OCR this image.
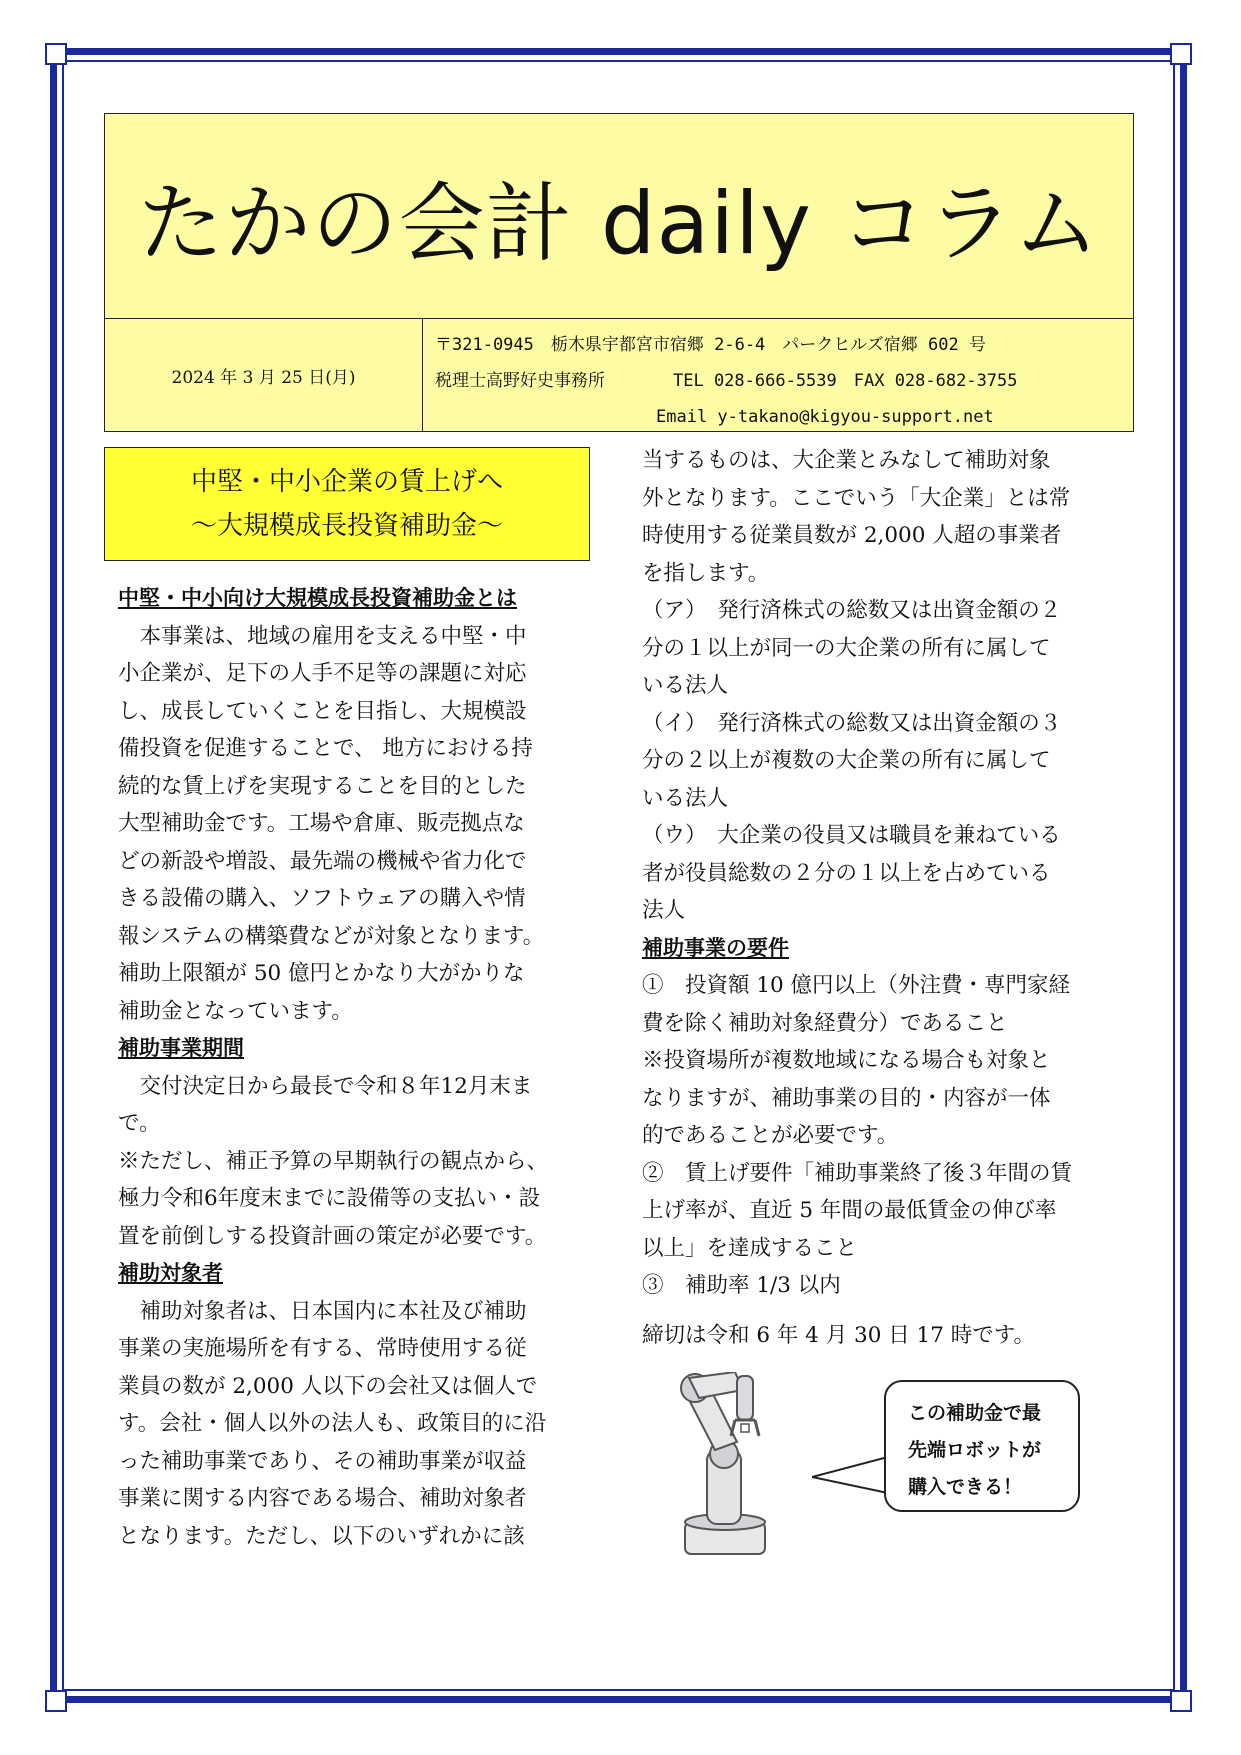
たかの会計 daily コラム
2024 年 3 月 25 日(月)
〒321-0945　栃木県宇都宮市宿郷 2-6-4　パークヒルズ宿郷 602 号
税理士高野好史事務所　　　　TEL 028-666-5539　FAX 028-682-3755
　　　　　　　　　　　　　Email y-takano@kigyou-support.net
中堅・中小企業の賃上げへ
～大規模成長投資補助金～

中堅・中小向け大規模成長投資補助金とは

　本事業は、地域の雇用を支える中堅・中

小企業が、足下の人手不足等の課題に対応

し、成長していくことを目指し、大規模設

備投資を促進することで、 地方における持

続的な賃上げを実現することを目的とした

大型補助金です。工場や倉庫、販売拠点な

どの新設や増設、最先端の機械や省力化で

きる設備の購入、ソフトウェアの購入や情

報システムの構築費などが対象となります。

補助上限額が 50 億円とかなり大がかりな

補助金となっています。

補助事業期間

　交付決定日から最長で令和８年12月末ま

で。

※ただし、補正予算の早期執行の観点から、

極力令和6年度末までに設備等の支払い・設

置を前倒しする投資計画の策定が必要です。

補助対象者

　補助対象者は、日本国内に本社及び補助

事業の実施場所を有する、常時使用する従

業員の数が 2,000 人以下の会社又は個人で

す。会社・個人以外の法人も、政策目的に沿

った補助事業であり、その補助事業が収益

事業に関する内容である場合、補助対象者

となります。ただし、以下のいずれかに該

当するものは、大企業とみなして補助対象

外となります。ここでいう「大企業」とは常

時使用する従業員数が 2,000 人超の事業者

を指します。

（ア）　発行済株式の総数又は出資金額の２

分の１以上が同一の大企業の所有に属して

いる法人

（イ）　発行済株式の総数又は出資金額の３

分の２以上が複数の大企業の所有に属して

いる法人

（ウ）　大企業の役員又は職員を兼ねている

者が役員総数の２分の１以上を占めている

法人

補助事業の要件

①　投資額 10 億円以上（外注費・専門家経

費を除く補助対象経費分）であること

※投資場所が複数地域になる場合も対象と

なりますが、補助事業の目的・内容が一体

的であることが必要です。

②　賃上げ要件「補助事業終了後３年間の賃

上げ率が、直近 5 年間の最低賃金の伸び率

以上」を達成すること

③　補助率 1/3 以内

締切は令和 6 年 4 月 30 日 17 時です。

この補助金で最
先端ロボットが
購入できる！
